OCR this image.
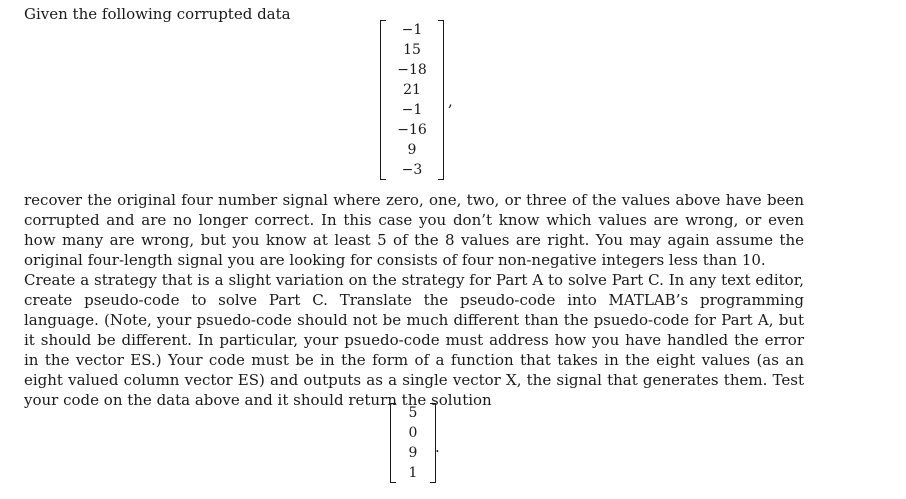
Given the following corrupted data
−1
15
−18
21
−1
−16
9
−3
,

recover the original four number signal where zero, one, two, or three of the values above have been corrupted and are no longer correct. In this case you don’t know which values are wrong, or even how many are wrong, but you know at least 5 of the 8 values are right. You may again assume the original four-length signal you are looking for consists of four non-negative integers less than 10.
Create a strategy that is a slight variation on the strategy for Part A to solve Part C. In any text editor, create pseudo-code to solve Part C. Translate the pseudo-code into MATLAB’s programming language. (Note, your psuedo-code should not be much different than the psuedo-code for Part A, but it should be different. In particular, your psuedo-code must address how you have handled the error in the vector ES.) Your code must be in the form of a function that takes in the eight values (as an eight valued column vector ES) and outputs as a single vector X, the signal that generates them. Test your code on the data above and it should return the solution

5
0
9
1
.
